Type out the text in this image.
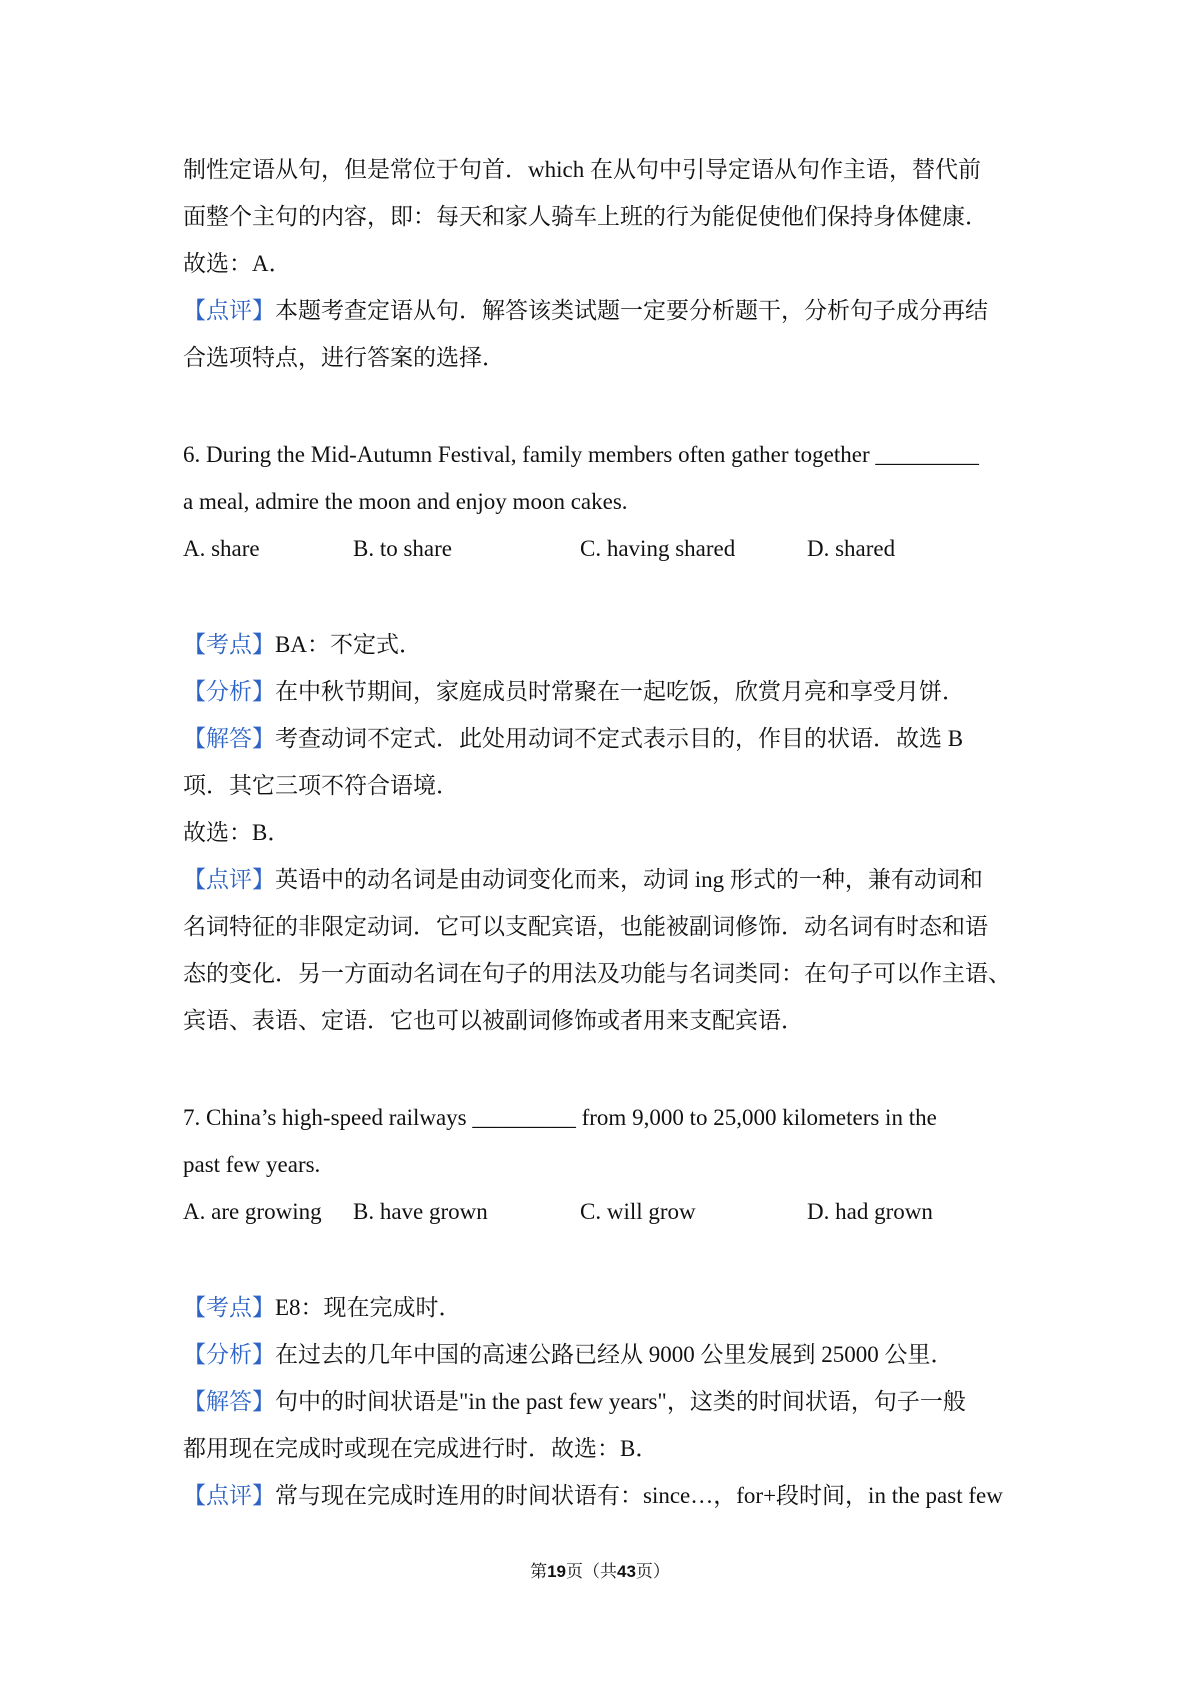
制性定语从句，但是常位于句首．which 在从句中引导定语从句作主语，替代前
面整个主句的内容，即：每天和家人骑车上班的行为能促使他们保持身体健康．
故选：A．
【点评】本题考查定语从句．解答该类试题一定要分析题干，分析句子成分再结
合选项特点，进行答案的选择．
6. During the Mid-Autumn Festival, family members often gather together _________
a meal, admire the moon and enjoy moon cakes.
A. share	B. to share	C. having shared	D. shared
【考点】BA：不定式．
【分析】在中秋节期间，家庭成员时常聚在一起吃饭，欣赏月亮和享受月饼．
【解答】考查动词不定式．此处用动词不定式表示目的，作目的状语．故选 B
项．其它三项不符合语境．
故选：B．
【点评】英语中的动名词是由动词变化而来，动词 ing 形式的一种，兼有动词和
名词特征的非限定动词．它可以支配宾语，也能被副词修饰．动名词有时态和语
态的变化．另一方面动名词在句子的用法及功能与名词类同：在句子可以作主语、
宾语、表语、定语．它也可以被副词修饰或者用来支配宾语．
7. China’s high-speed railways _________ from 9,000 to 25,000 kilometers in the
past few years.
A. are growing B. have grown	C. will grow	D. had grown
【考点】E8：现在完成时．
【分析】在过去的几年中国的高速公路已经从 9000 公里发展到 25000 公里．
【解答】句中的时间状语是"in the past few years"，这类的时间状语，句子一般
都用现在完成时或现在完成进行时．故选：B．
【点评】常与现在完成时连用的时间状语有：since…，for+段时间，in the past few
第19页（共43页）
